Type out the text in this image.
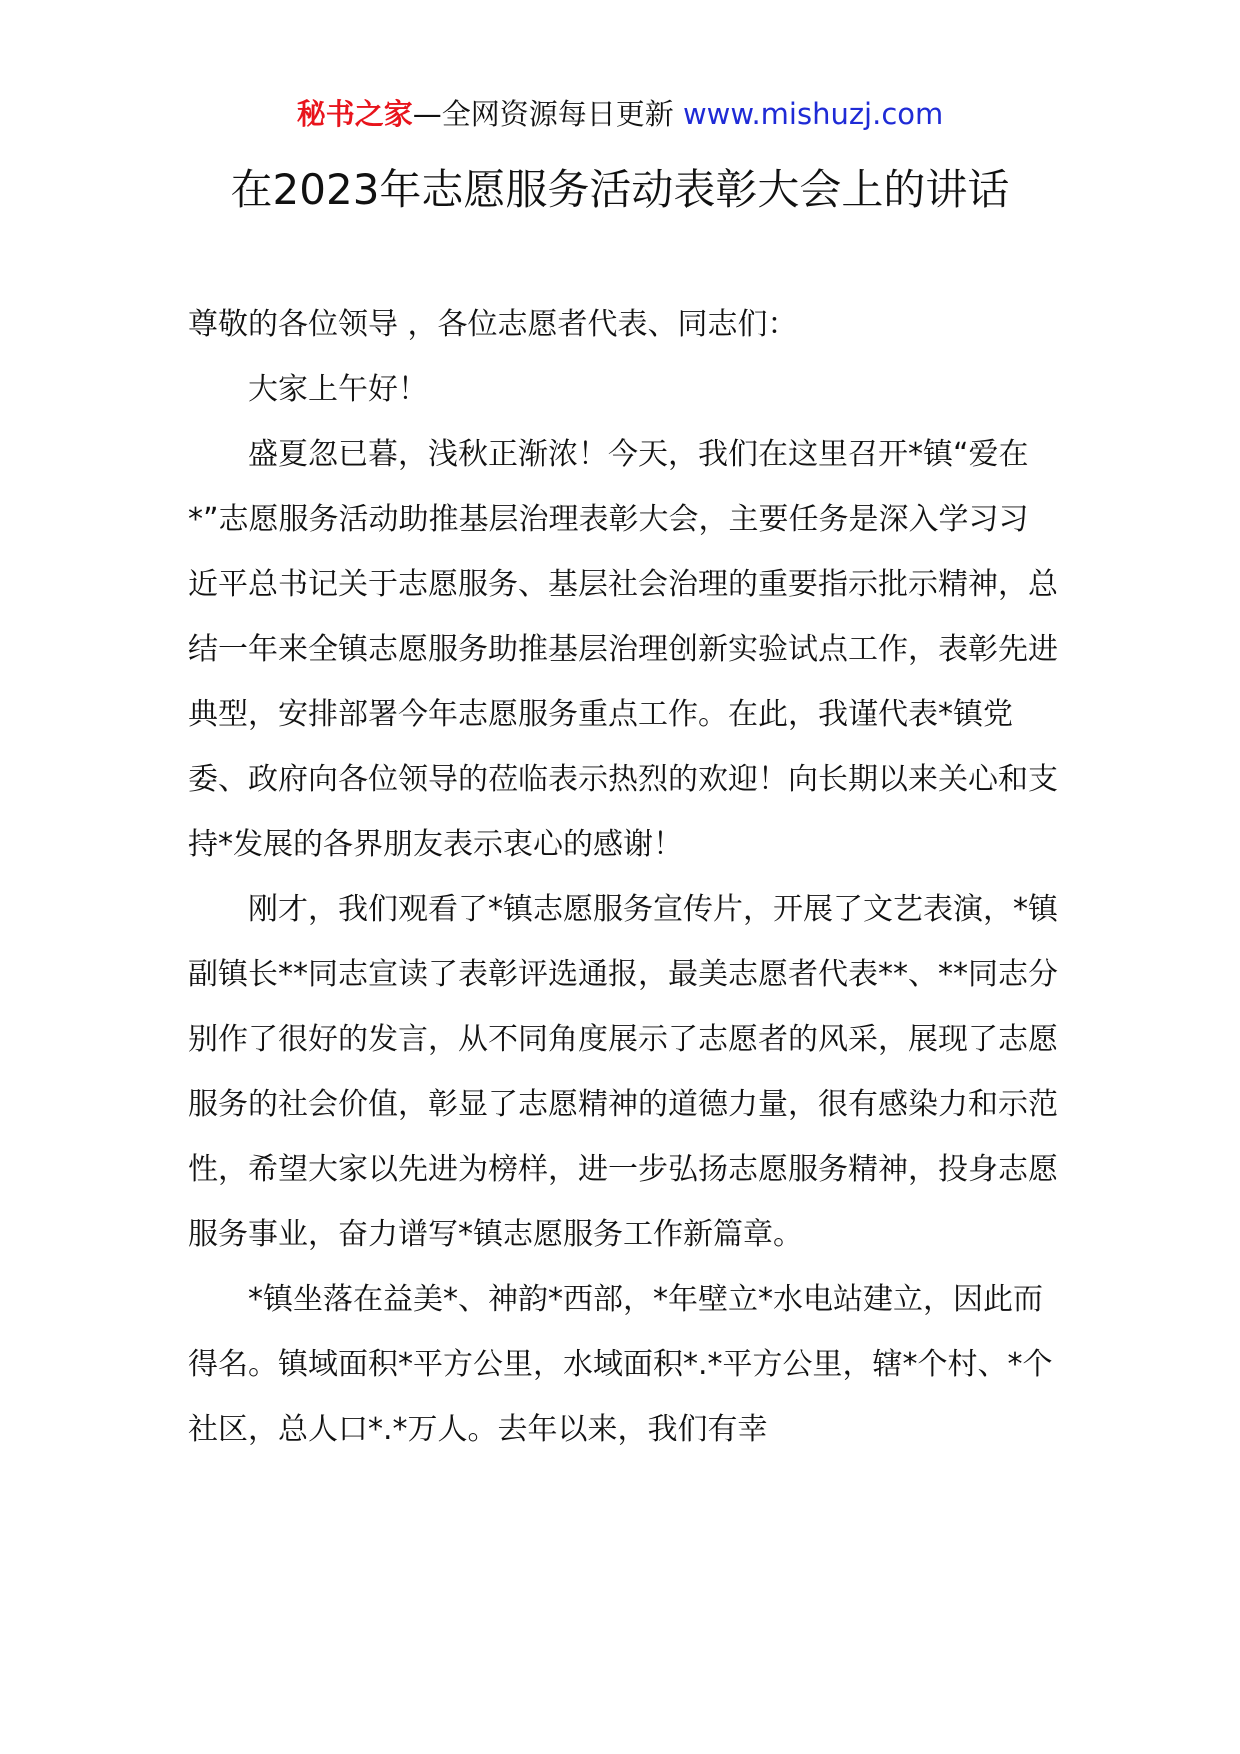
秘书之家—全网资源每日更新 www.mishuzj.com
在2023年志愿服务活动表彰大会上的讲话

尊敬的各位领导 ，各位志愿者代表、同志们：

大家上午好！

盛夏忽已暮，浅秋正渐浓！今天，我们在这里召开*镇“爱在*”志愿服务活动助推基层治理表彰大会，主要任务是深入学习习近平总书记关于志愿服务、基层社会治理的重要指示批示精神，总结一年来全镇志愿服务助推基层治理创新实验试点工作，表彰先进典型，安排部署今年志愿服务重点工作。在此，我谨代表*镇党委、政府向各位领导的莅临表示热烈的欢迎！向长期以来关心和支持*发展的各界朋友表示衷心的感谢！

刚才，我们观看了*镇志愿服务宣传片，开展了文艺表演，*镇副镇长**同志宣读了表彰评选通报，最美志愿者代表**、**同志分别作了很好的发言，从不同角度展示了志愿者的风采，展现了志愿服务的社会价值，彰显了志愿精神的道德力量，很有感染力和示范性，希望大家以先进为榜样，进一步弘扬志愿服务精神，投身志愿服务事业，奋力谱写*镇志愿服务工作新篇章。

*镇坐落在益美*、神韵*西部，*年壁立*水电站建立，因此而得名。镇域面积*平方公里，水域面积*.*平方公里，辖*个村、*个社区，总人口*.*万人。去年以来，我们有幸
